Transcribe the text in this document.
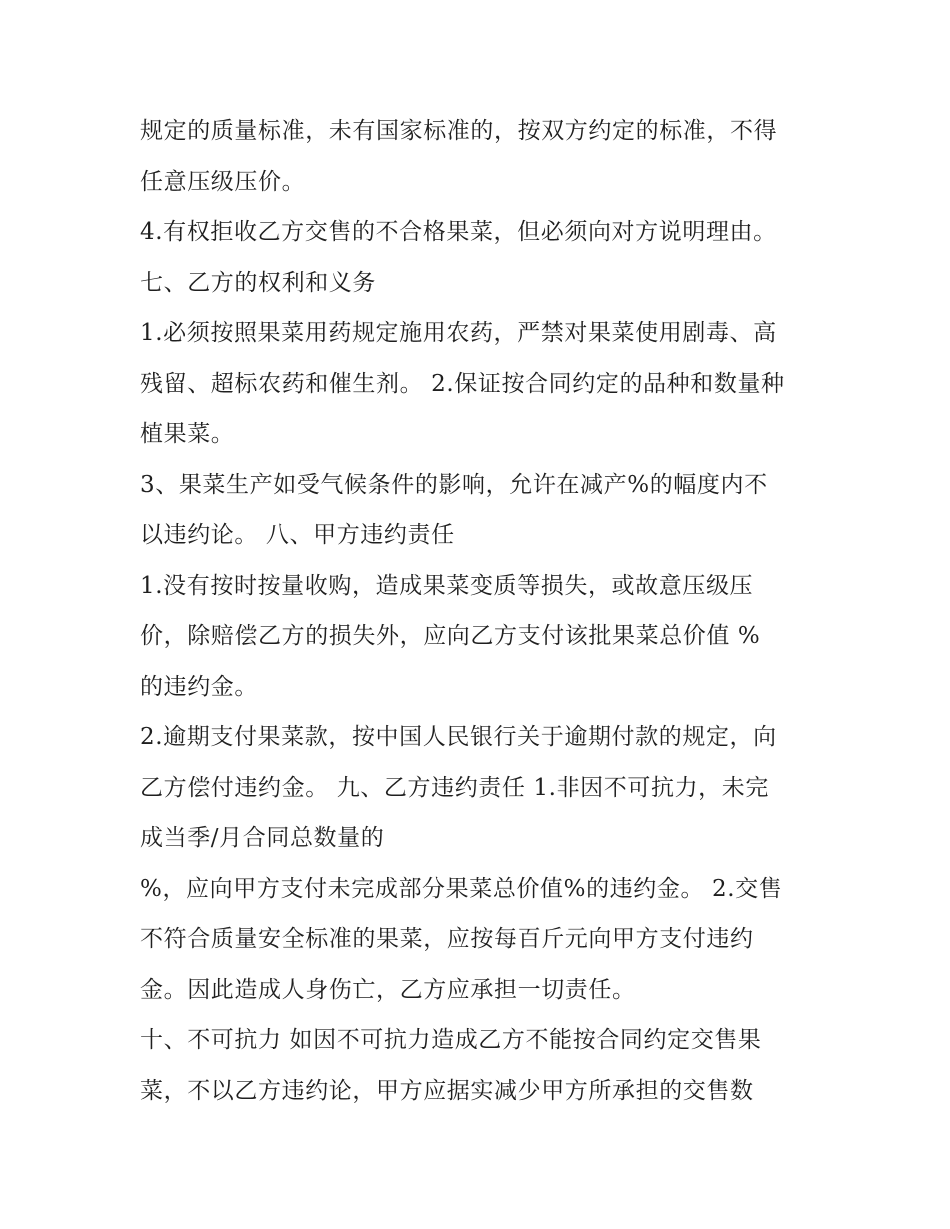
规定的质量标准，未有国家标准的，按双方约定的标准，不得
任意压级压价。
4.有权拒收乙方交售的不合格果菜，但必须向对方说明理由。
七、乙方的权利和义务
1.必须按照果菜用药规定施用农药，严禁对果菜使用剧毒、高
残留、超标农药和催生剂。 2.保证按合同约定的品种和数量种
植果菜。
3、果菜生产如受气候条件的影响，允许在减产%的幅度内不
以违约论。 八、甲方违约责任
1.没有按时按量收购，造成果菜变质等损失，或故意压级压
价，除赔偿乙方的损失外，应向乙方支付该批果菜总价值 %
的违约金。
2.逾期支付果菜款，按中国人民银行关于逾期付款的规定，向
乙方偿付违约金。 九、乙方违约责任 1.非因不可抗力，未完
成当季/月合同总数量的
%，应向甲方支付未完成部分果菜总价值%的违约金。 2.交售
不符合质量安全标准的果菜，应按每百斤元向甲方支付违约
金。因此造成人身伤亡，乙方应承担一切责任。
十、不可抗力 如因不可抗力造成乙方不能按合同约定交售果
菜，不以乙方违约论，甲方应据实减少甲方所承担的交售数
